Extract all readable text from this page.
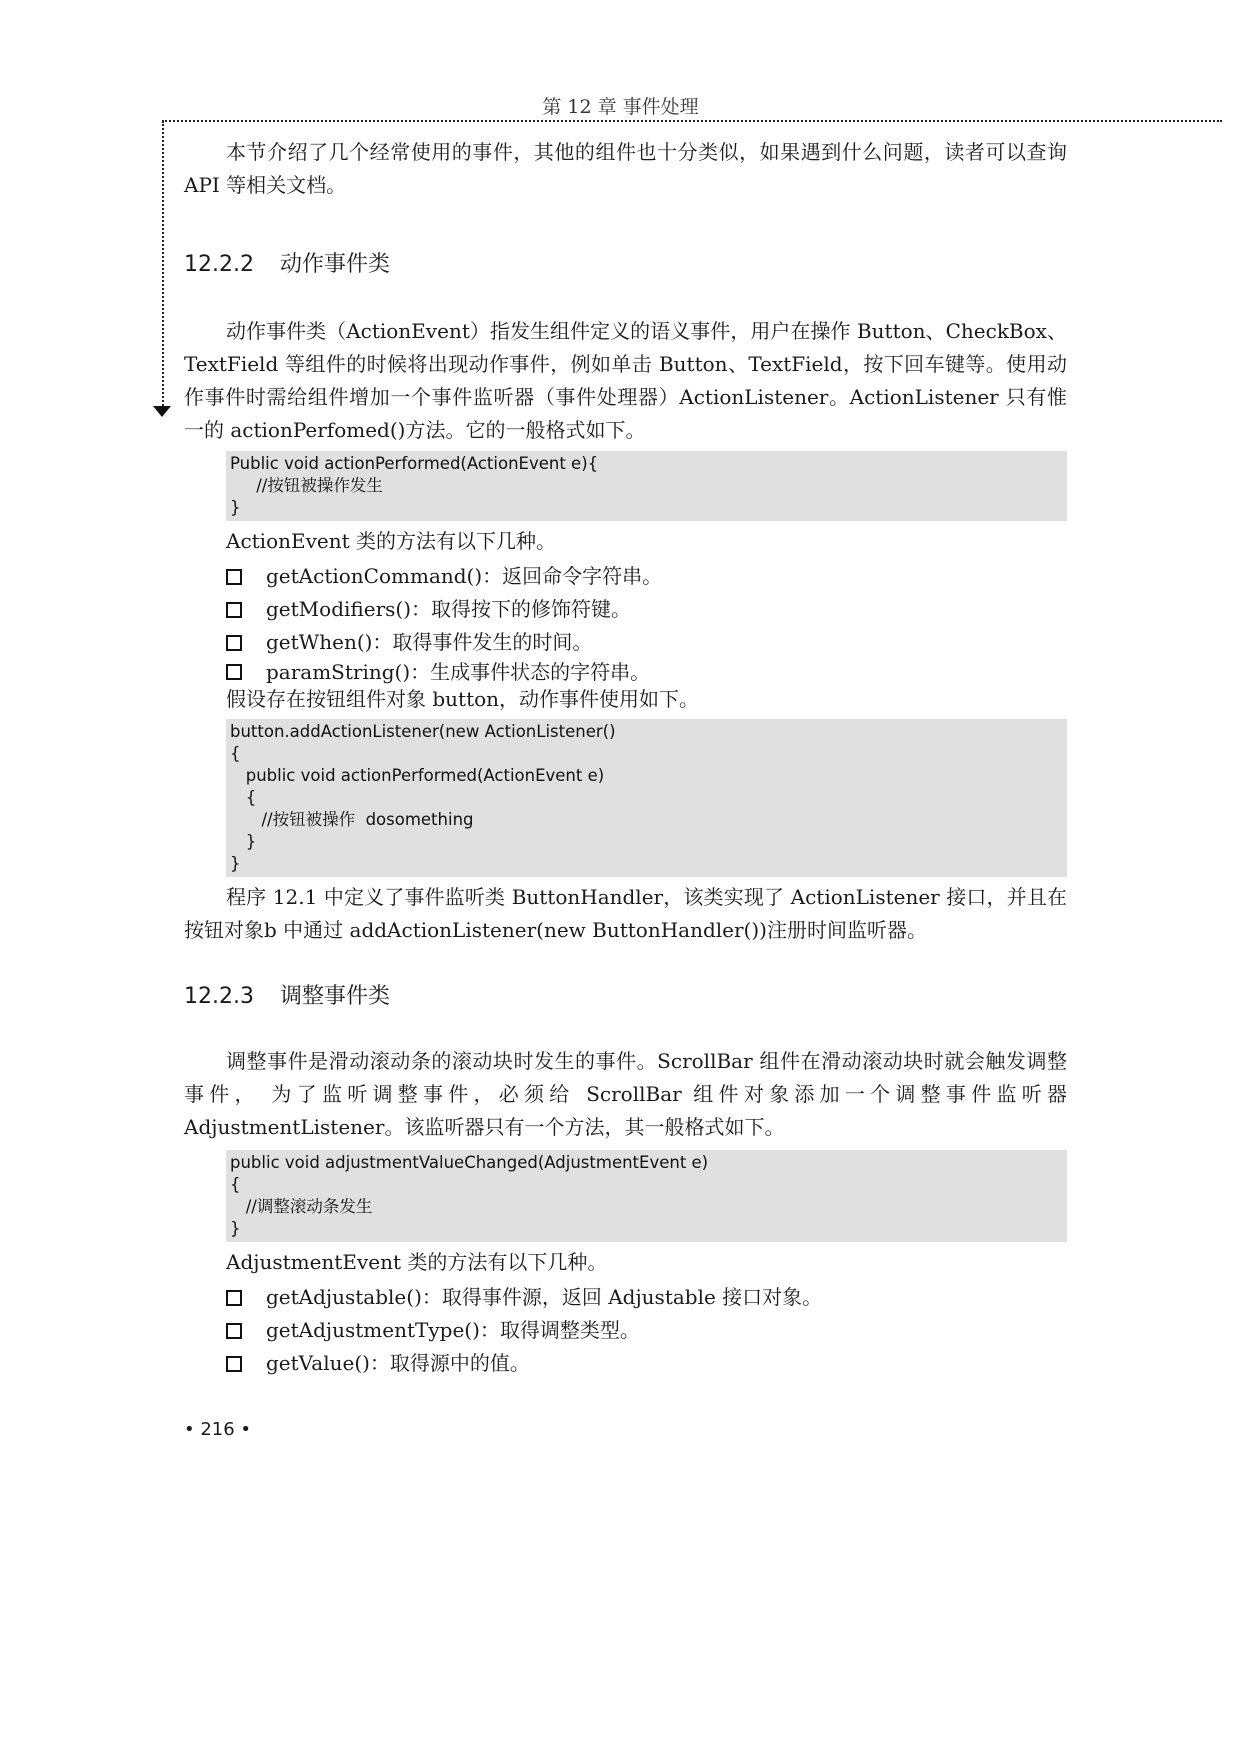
第 12 章 事件处理

本节介绍了几个经常使用的事件，其他的组件也十分类似，如果遇到什么问题，读者可以查询 API 等相关文档。

12.2.2 动作事件类

动作事件类（ActionEvent）指发生组件定义的语义事件，用户在操作 Button、CheckBox、TextField 等组件的时候将出现动作事件，例如单击 Button、TextField，按下回车键等。使用动作事件时需给组件增加一个事件监听器（事件处理器）ActionListener。ActionListener 只有惟一的 actionPerfomed()方法。它的一般格式如下。

Public void actionPerformed(ActionEvent e){
//按钮被操作发生
}

ActionEvent 类的方法有以下几种。

getActionCommand()：返回命令字符串。
getModifiers()：取得按下的修饰符键。
getWhen()：取得事件发生的时间。
paramString()：生成事件状态的字符串。

假设存在按钮组件对象 button，动作事件使用如下。

button.addActionListener(new ActionListener()
{
public void actionPerformed(ActionEvent e)
{
//按钮被操作  dosomething
}
}

程序 12.1 中定义了事件监听类 ButtonHandler，该类实现了 ActionListener 接口，并且在按钮对象b 中通过 addActionListener(new ButtonHandler())注册时间监听器。

12.2.3 调整事件类

调整事件是滑动滚动条的滚动块时发生的事件。ScrollBar 组件在滑动滚动块时就会触发调整事件， 为了监听调整事件，必须给 ScrollBar 组件对象添加一个调整事件监听器 AdjustmentListener。该监听器只有一个方法，其一般格式如下。

public void adjustmentValueChanged(AdjustmentEvent e)
{
//调整滚动条发生
}

AdjustmentEvent 类的方法有以下几种。

getAdjustable()：取得事件源，返回 Adjustable 接口对象。
getAdjustmentType()：取得调整类型。
getValue()：取得源中的值。
• 216 •
